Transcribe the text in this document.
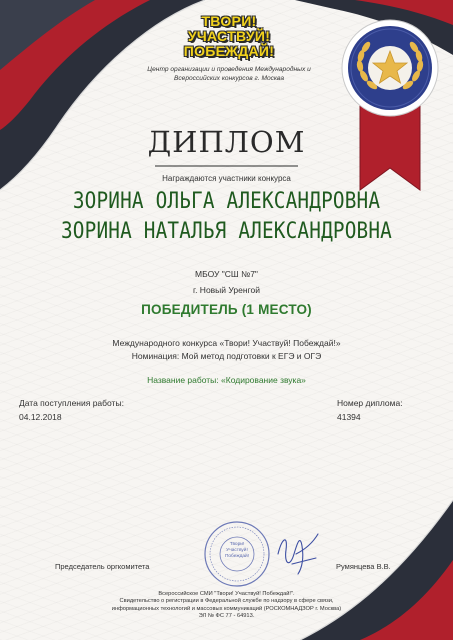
ТВОРИ!
УЧАСТВУЙ!
ПОБЕЖДАЙ!
Центр организации и проведения Международных и Всероссийских конкурсов г. Москва
ДИПЛОМ
Награждаются участники конкурса
ЗОРИНА ОЛЬГА АЛЕКСАНДРОВНА
ЗОРИНА НАТАЛЬЯ АЛЕКСАНДРОВНА
МБОУ "СШ №7"
г. Новый Уренгой
ПОБЕДИТЕЛЬ (1 МЕСТО)
Международного конкурса «Твори! Участвуй! Побеждай!»
Номинация: Мой метод подготовки к ЕГЭ и ОГЭ
Название работы: «Кодирование звука»
Дата поступления работы:
04.12.2018
Номер диплома:
41394
Твори! Участвуй! Побеждай!
Председатель оргкомитета	Румянцева В.В.
Всероссийское СМИ "Твори! Участвуй! Побеждай!".
Свидетельство о регистрации в Федеральной службе по надзору в сфере связи,
информационных технологий и массовых коммуникаций (РОСКОМНАДЗОР г. Москва)
ЭЛ № ФС 77 - 64913.
